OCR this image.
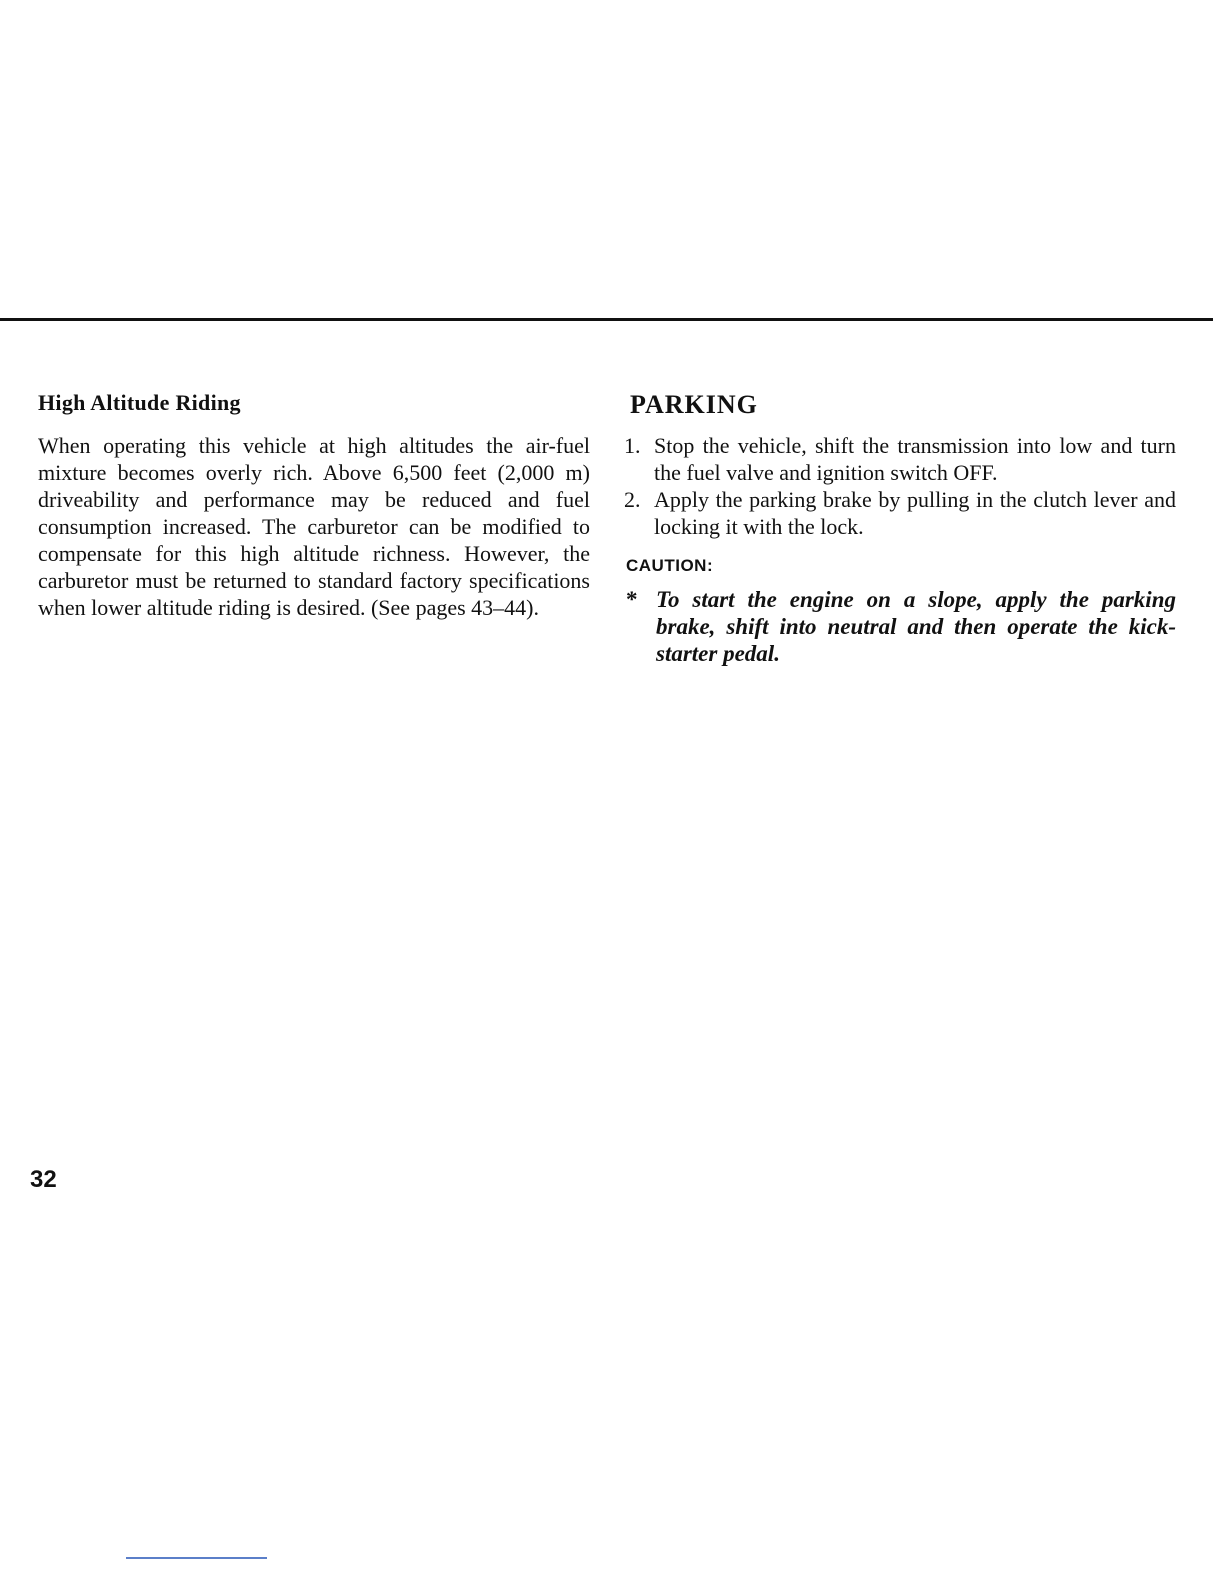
High Altitude Riding

When operating this vehicle at high altitudes the air-fuel mixture becomes overly rich. Above 6,500 feet (2,000 m) driveability and performance may be reduced and fuel consumption increased. The carburetor can be modified to compensate for this high altitude richness. However, the carburetor must be returned to standard factory specifications when lower altitude riding is desired. (See pages 43–44).

PARKING
1. Stop the vehicle, shift the transmission into low and turn the fuel valve and ignition switch OFF.
2. Apply the parking brake by pulling in the clutch lever and locking it with the lock.
CAUTION:
* To start the engine on a slope, apply the parking brake, shift into neutral and then operate the kick-starter pedal.
32
